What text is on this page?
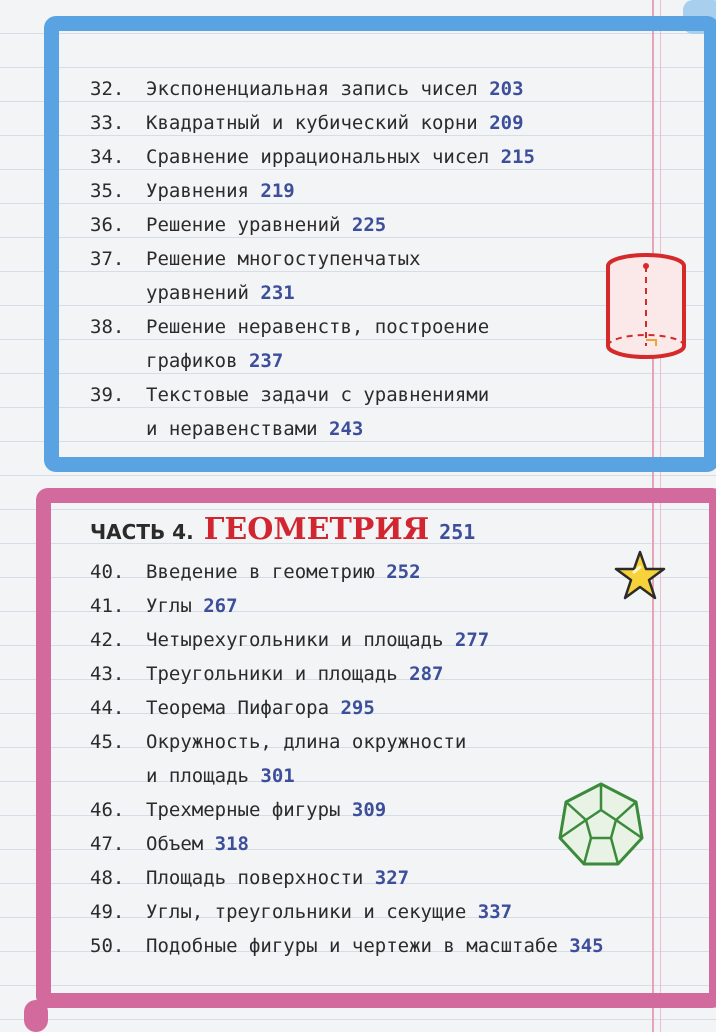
32.	Экспоненциальная запись чисел 203
33.	Квадратный и кубический корни 209
34.	Сравнение иррациональных чисел 215
35.	Уравнения 219
36.	Решение уравнений 225
37.	Решение многоступенчатых
уравнений 231
38.	Решение неравенств, построение
графиков 237
39.	Текстовые задачи с уравнениями
и неравенствами 243
ЧАСТЬ 4. ГЕОМЕТРИЯ 251
40.	Введение в геометрию 252
41.	Углы 267
42.	Четырехугольники и площадь 277
43.	Треугольники и площадь 287
44.	Теорема Пифагора 295
45.	Окружность, длина окружности
и площадь 301
46.	Трехмерные фигуры 309
47.	Объем 318
48.	Площадь поверхности 327
49.	Углы, треугольники и секущие 337
50.	Подобные фигуры и чертежи в масштабе 345
